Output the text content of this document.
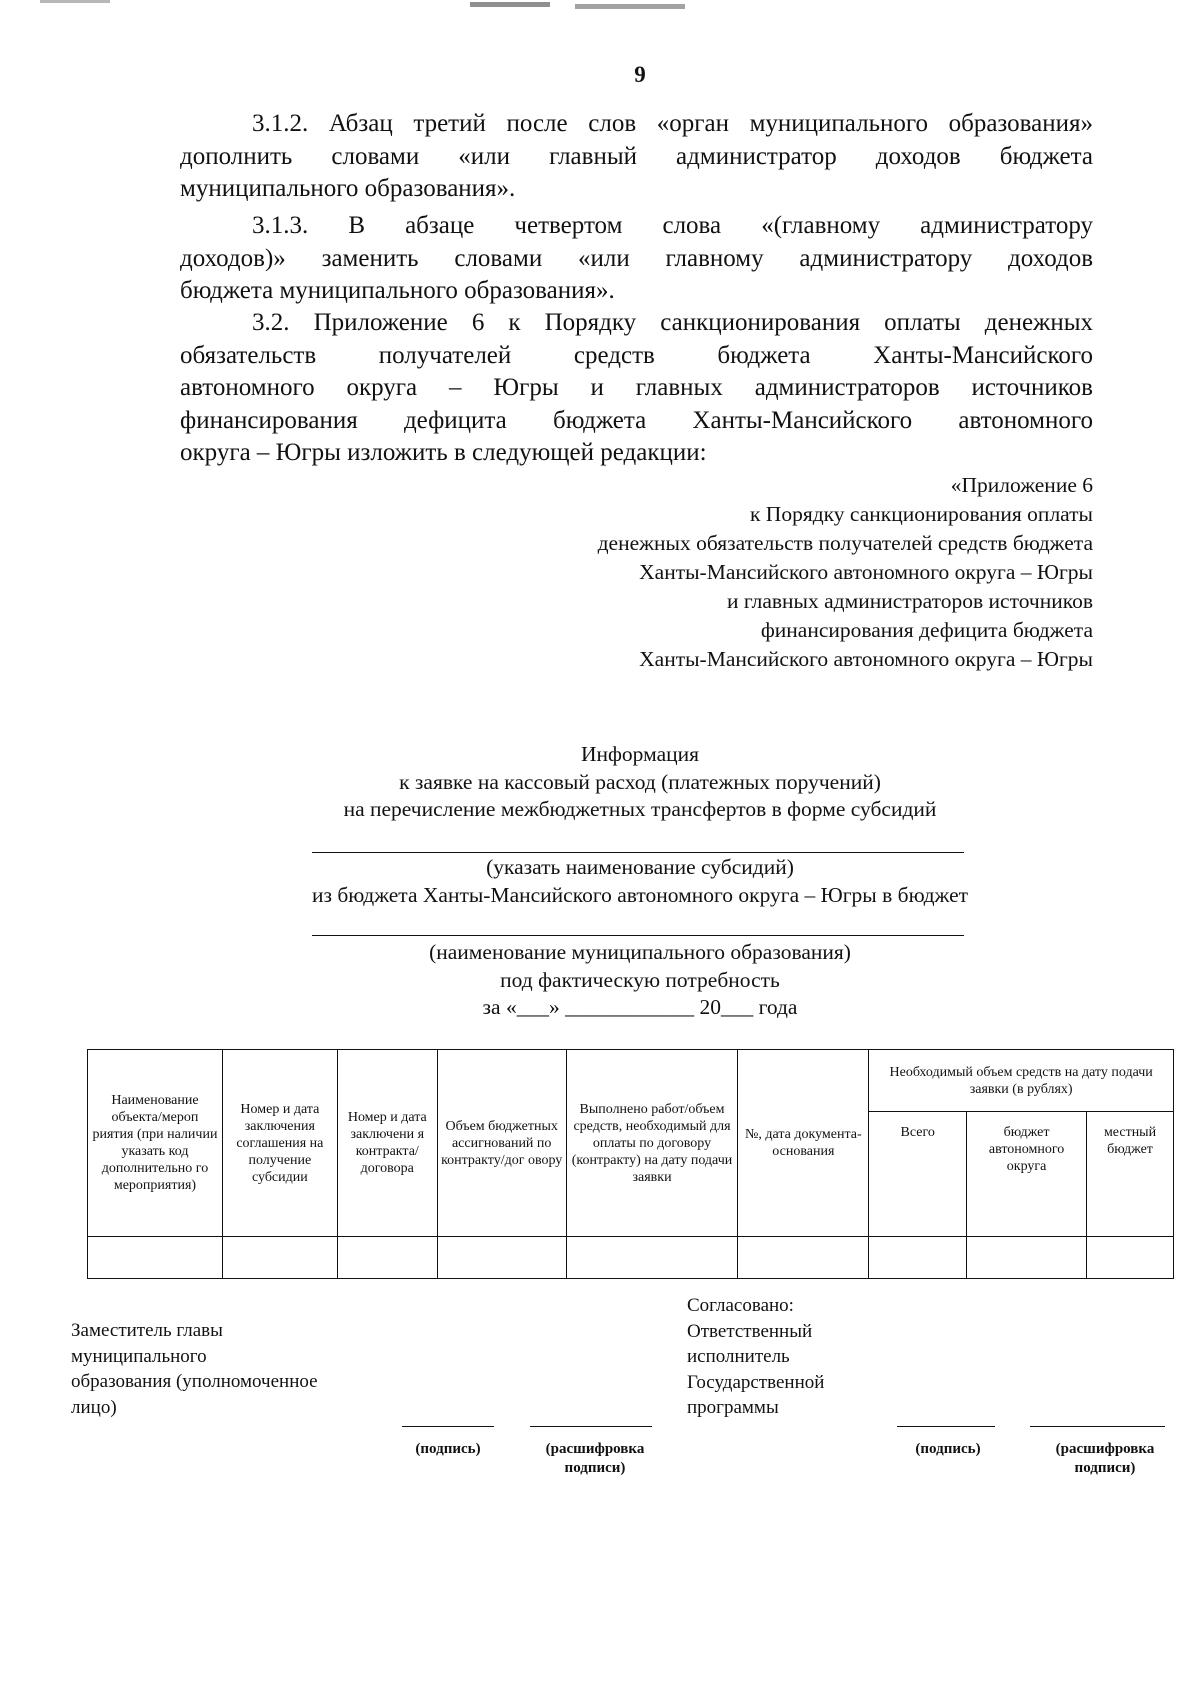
9
3.1.2. Абзац третий после слов «орган муниципального образования»
дополнить словами «или главный администратор доходов бюджета
муниципального образования».
3.1.3. В абзаце четвертом слова «(главному администратору
доходов)» заменить словами «или главному администратору доходов
бюджета муниципального образования».
3.2. Приложение 6 к Порядку санкционирования оплаты денежных
обязательств получателей средств бюджета Ханты-Мансийского
автономного округа – Югры и главных администраторов источников
финансирования дефицита бюджета Ханты-Мансийского автономного
округа – Югры изложить в следующей редакции:
«Приложение 6
к Порядку санкционирования оплаты
денежных обязательств получателей средств бюджета
Ханты-Мансийского автономного округа – Югры
и главных администраторов источников
финансирования дефицита бюджета
Ханты-Мансийского автономного округа – Югры
Информация
к заявке на кассовый расход (платежных поручений)
на перечисление межбюджетных трансфертов в форме субсидий
(указать наименование субсидий)
из бюджета Ханты-Мансийского автономного округа – Югры в бюджет
(наименование муниципального образования)
под фактическую потребность
за «___» ____________ 20___ года
Наименование объекта/мероп риятия (при наличии указать код дополнительно го мероприятия)	Номер и дата заключения соглашения на получение субсидии	Номер и дата заключени я контракта/ договора	Объем бюджетных ассигнований по контракту/дог овору	Выполнено работ/объем средств, необходимый для оплаты по договору (контракту) на дату подачи заявки	№, дата документа-основания	Необходимый объем средств на дату подачи заявки (в рублях)		
						Всего	бюджет автономного округа	местный бюджет

Заместитель главы
муниципального
образования (уполномоченное
лицо)
Согласовано:
Ответственный
исполнитель
Государственной
программы
(подпись)	(расшифровка
подписи)
(подпись)	(расшифровка
подписи)
